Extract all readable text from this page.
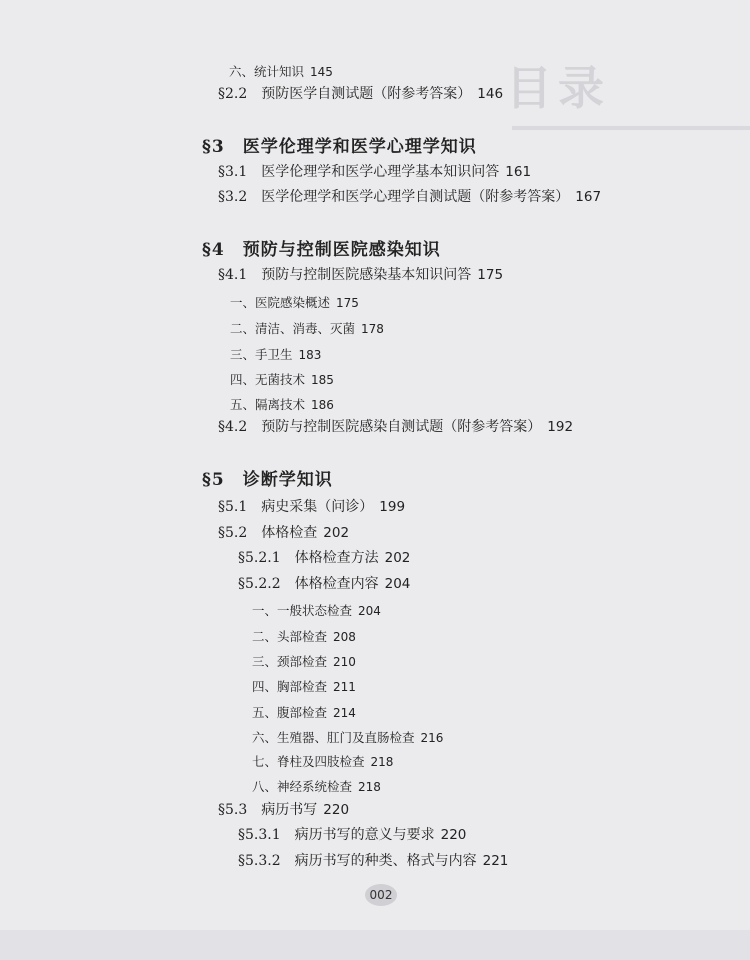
目录
六、统计知识 145
§2.2　预防医学自测试题（附参考答案） 146
§3　医学伦理学和医学心理学知识
§3.1　医学伦理学和医学心理学基本知识问答 161
§3.2　医学伦理学和医学心理学自测试题（附参考答案） 167
§4　预防与控制医院感染知识
§4.1　预防与控制医院感染基本知识问答 175
一、医院感染概述 175
二、清洁、消毒、灭菌 178
三、手卫生 183
四、无菌技术 185
五、隔离技术 186
§4.2　预防与控制医院感染自测试题（附参考答案） 192
§5　诊断学知识
§5.1　病史采集（问诊） 199
§5.2　体格检查 202
§5.2.1　体格检查方法 202
§5.2.2　体格检查内容 204
一、一般状态检查 204
二、头部检查 208
三、颈部检查 210
四、胸部检查 211
五、腹部检查 214
六、生殖器、肛门及直肠检查 216
七、脊柱及四肢检查 218
八、神经系统检查 218
§5.3　病历书写 220
§5.3.1　病历书写的意义与要求 220
§5.3.2　病历书写的种类、格式与内容 221
002
